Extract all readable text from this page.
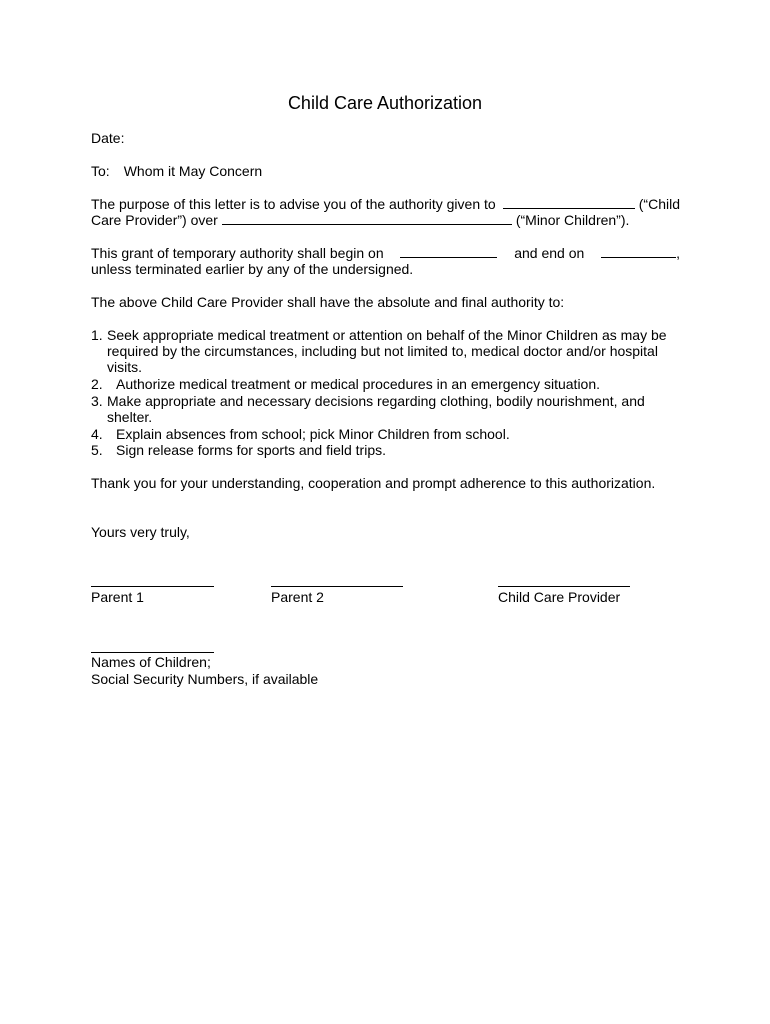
Child Care Authorization
Date:
To: Whom it May Concern
The purpose of this letter is to advise you of the authority given to	(“Child
Care Provider”) over	(“Minor Children”).
This grant of temporary authority shall begin on	and end on	,
unless terminated earlier by any of the undersigned.
The above Child Care Provider shall have the absolute and final authority to:
1. Seek appropriate medical treatment or attention on behalf of the Minor Children as may be
required by the circumstances, including but not limited to, medical doctor and/or hospital
visits.
2. Authorize medical treatment or medical procedures in an emergency situation.
3. Make appropriate and necessary decisions regarding clothing, bodily nourishment, and
shelter.
4. Explain absences from school; pick Minor Children from school.
5. Sign release forms for sports and field trips.
Thank you for your understanding, cooperation and prompt adherence to this authorization.
Yours very truly,
Parent 1	Parent 2	Child Care Provider
Names of Children;
Social Security Numbers, if available
